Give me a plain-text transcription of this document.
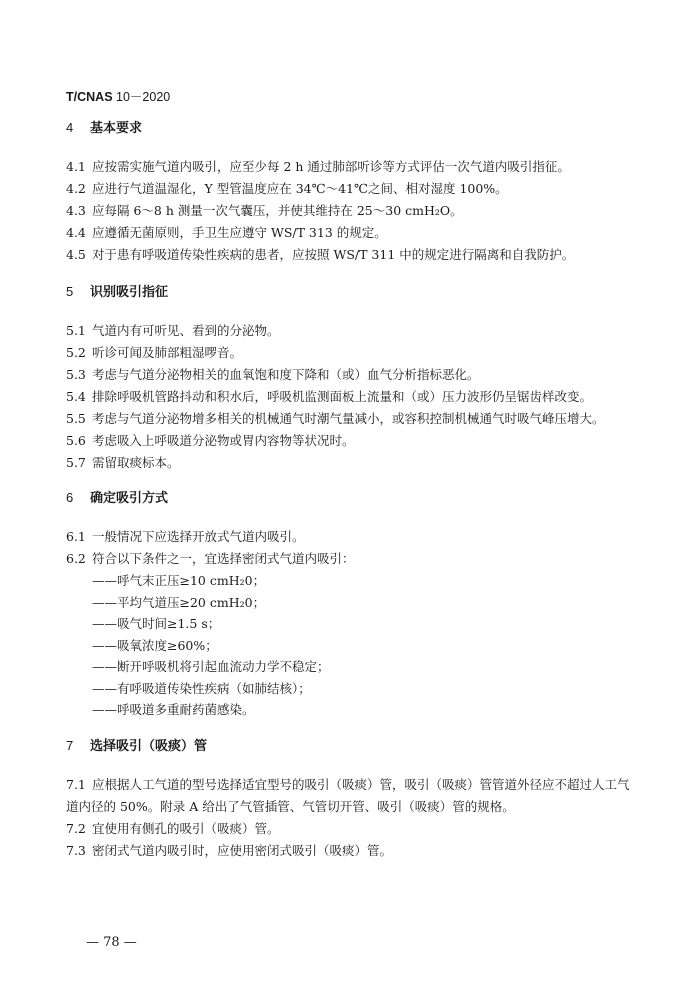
T/CNAS 10－2020
4 基本要求
4.1 应按需实施气道内吸引，应至少每 2 h 通过肺部听诊等方式评估一次气道内吸引指征。
4.2 应进行气道温湿化，Y 型管温度应在 34℃～41℃之间、相对湿度 100%。
4.3 应每隔 6～8 h 测量一次气囊压，并使其维持在 25～30 cmH₂O。
4.4 应遵循无菌原则，手卫生应遵守 WS/T 313 的规定。
4.5 对于患有呼吸道传染性疾病的患者，应按照 WS/T 311 中的规定进行隔离和自我防护。
5 识别吸引指征
5.1 气道内有可听见、看到的分泌物。
5.2 听诊可闻及肺部粗湿啰音。
5.3 考虑与气道分泌物相关的血氧饱和度下降和（或）血气分析指标恶化。
5.4 排除呼吸机管路抖动和积水后，呼吸机监测面板上流量和（或）压力波形仍呈锯齿样改变。
5.5 考虑与气道分泌物增多相关的机械通气时潮气量减小，或容积控制机械通气时吸气峰压增大。
5.6 考虑吸入上呼吸道分泌物或胃内容物等状况时。
5.7 需留取痰标本。
6 确定吸引方式
6.1 一般情况下应选择开放式气道内吸引。
6.2 符合以下条件之一，宜选择密闭式气道内吸引：
——呼气末正压≥10 cmH₂0；
——平均气道压≥20 cmH₂0；
——吸气时间≥1.5 s；
——吸氧浓度≥60%；
——断开呼吸机将引起血流动力学不稳定；
——有呼吸道传染性疾病（如肺结核）；
——呼吸道多重耐药菌感染。
7 选择吸引（吸痰）管
7.1 应根据人工气道的型号选择适宜型号的吸引（吸痰）管，吸引（吸痰）管管道外径应不超过人工气道内径的 50%。附录 A 给出了气管插管、气管切开管、吸引（吸痰）管的规格。
7.2 宜使用有侧孔的吸引（吸痰）管。
7.3 密闭式气道内吸引时，应使用密闭式吸引（吸痰）管。
— 78 —
